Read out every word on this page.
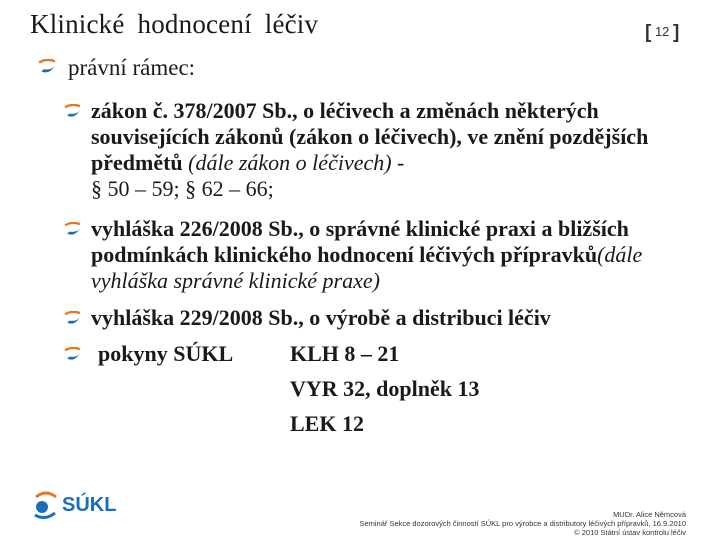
Klinické hodnocení léčiv	[ 12 ]
právní rámec:
zákon č. 378/2007 Sb., o léčivech a změnách některých souvisejících zákonů (zákon o léčivech), ve znění pozdějších předmětů (dále zákon o léčivech) -
§ 50 – 59; § 62 – 66;
vyhláška 226/2008 Sb., o správné klinické praxi a bližších podmínkách klinického hodnocení léčivých přípravků(dále vyhláška správné klinické praxe)
vyhláška 229/2008 Sb., o výrobě a distribuci léčiv
pokyny SÚKL	KLH 8 – 21
VYR 32, doplněk 13
LEK 12
SÚKL	MUDr. Alice Němcová
Seminář Sekce dozorových činností SÚKL pro výrobce a distributory léčivých přípravků, 16.9.2010
© 2010 Státní ústav kontrolu léčiv
